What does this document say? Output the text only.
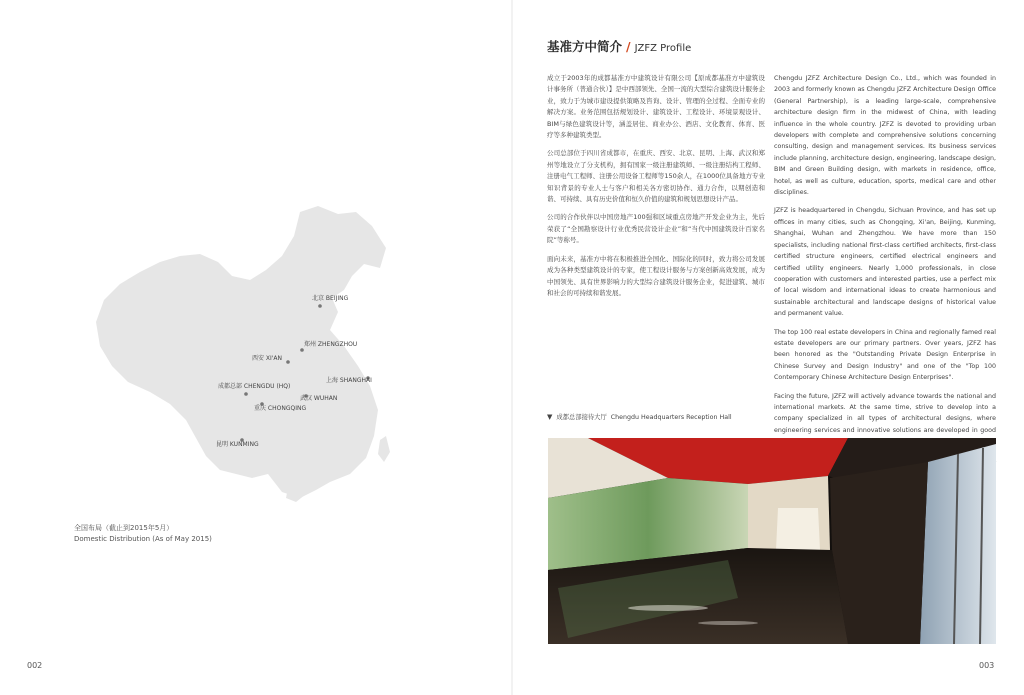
北京 BEIJING
郑州 ZHENGZHOU
西安 XI'AN
成都总部 CHENGDU (HQ)
上海 SHANGHAI
武汉 WUHAN
重庆 CHONGQING
昆明 KUNMING
全国布局（截止到2015年5月）
Domestic Distribution (As of May 2015)
002
基准方中简介 / JZFZ Profile

成立于2003年的成都基准方中建筑设计有限公司【原成都基准方中建筑设计事务所（普通合伙）】是中西部领先、全国一流的大型综合建筑设计服务企业，致力于为城市建设提供策略及咨询、设计、管理的全过程、全面专业的解决方案。业务范围包括规划设计、建筑设计、工程设计、环境景观设计、BIM与绿色建筑设计等，涵盖居住、商业办公、酒店、文化教育、体育、医疗等多种建筑类型。

公司总部位于四川省成都市，在重庆、西安、北京、昆明、上海、武汉和郑州等地设立了分支机构，拥有国家一级注册建筑师、一级注册结构工程师、注册电气工程师、注册公用设备工程师等150余人，在1000位具备地方专业知识背景的专业人士与客户和相关各方密切协作、通力合作，以期创造和谐、可持续、具有历史价值和恒久价值的建筑和规划思想设计产品。

公司的合作伙伴以中国房地产100强和区域重点房地产开发企业为主，先后荣获了“全国勘察设计行业优秀民营设计企业”和“当代中国建筑设计百家名院”等称号。

面向未来，基准方中将在积极推进全国化、国际化的同时，致力将公司发展成为各种类型建筑设计的专家，使工程设计服务与方案创新高效发展，成为中国领先、具有世界影响力的大型综合建筑设计服务企业，促进建筑、城市和社会的可持续和谐发展。

Chengdu JZFZ Architecture Design Co., Ltd., which was founded in 2003 and formerly known as Chengdu JZFZ Architecture Design Office (General Partnership), is a leading large-scale, comprehensive architecture design firm in the midwest of China, with leading influence in the whole country. JZFZ is devoted to providing urban developers with complete and comprehensive solutions concerning consulting, design and management services. Its business services include planning, architecture design, engineering, landscape design, BIM and Green Building design, with markets in residence, office, hotel, as well as culture, education, sports, medical care and other disciplines.

JZFZ is headquartered in Chengdu, Sichuan Province, and has set up offices in many cities, such as Chongqing, Xi'an, Beijing, Kunming, Shanghai, Wuhan and Zhengzhou. We have more than 150 specialists, including national first-class certified architects, first-class certified structure engineers, certified electrical engineers and certified utility engineers. Nearly 1,000 professionals, in close cooperation with customers and interested parties, use a perfect mix of local wisdom and international ideas to create harmonious and sustainable architectural and landscape designs of historical value and permanent value.

The top 100 real estate developers in China and regionally famed real estate developers are our primary partners. Over years, JZFZ has been honored as the "Outstanding Private Design Enterprise in Chinese Survey and Design Industry" and one of the "Top 100 Contemporary Chinese Architecture Design Enterprises".

Facing the future, JZFZ will actively advance towards the national and international markets. At the same time, strive to develop into a company specialized in all types of architectural designs, where engineering services and innovative solutions are developed in good

▼ 成都总部接待大厅 Chengdu Headquarters Reception Hall
003
